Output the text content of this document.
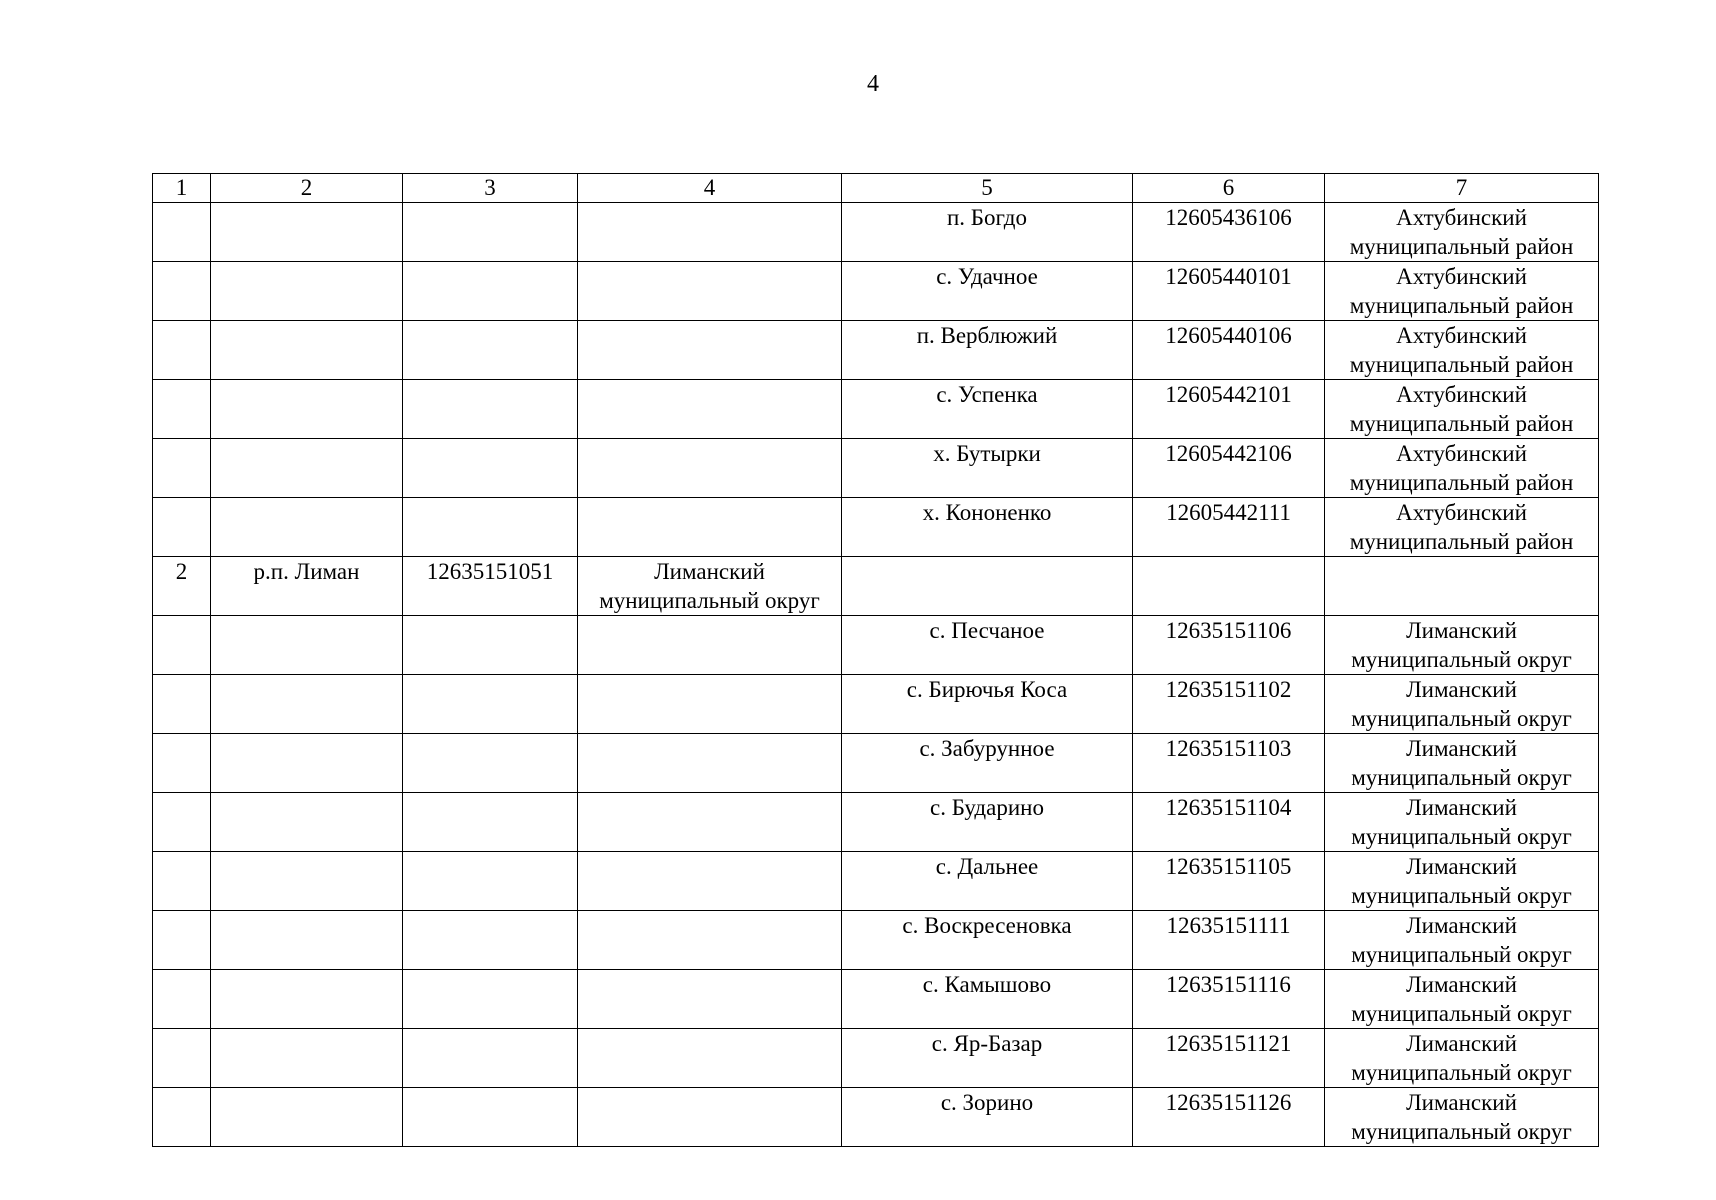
4
1	2	3	4	5	6	7
				п. Богдо	12605436106	Ахтубинский муниципальный район
				с. Удачное	12605440101	Ахтубинский муниципальный район
				п. Верблюжий	12605440106	Ахтубинский муниципальный район
				с. Успенка	12605442101	Ахтубинский муниципальный район
				х. Бутырки	12605442106	Ахтубинский муниципальный район
				х. Кононенко	12605442111	Ахтубинский муниципальный район
2	р.п. Лиман	12635151051	Лиманский муниципальный округ			
				с. Песчаное	12635151106	Лиманский муниципальный округ
				с. Бирючья Коса	12635151102	Лиманский муниципальный округ
				с. Забурунное	12635151103	Лиманский муниципальный округ
				с. Бударино	12635151104	Лиманский муниципальный округ
				с. Дальнее	12635151105	Лиманский муниципальный округ
				с. Воскресеновка	12635151111	Лиманский муниципальный округ
				с. Камышово	12635151116	Лиманский муниципальный округ
				с. Яр-Базар	12635151121	Лиманский муниципальный округ
				с. Зорино	12635151126	Лиманский муниципальный округ
